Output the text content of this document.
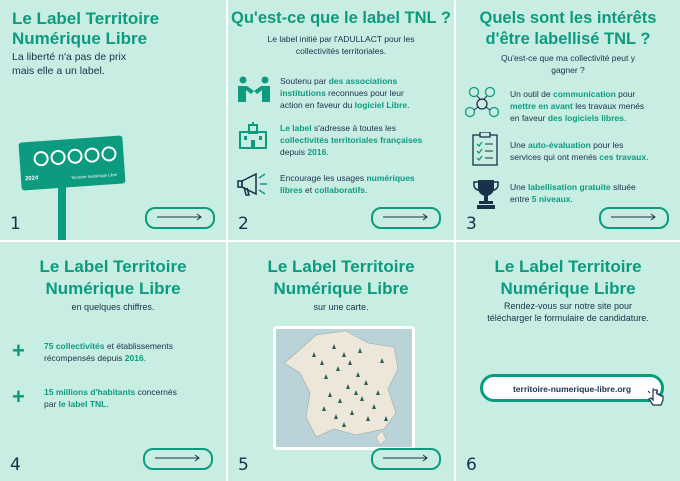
Le Label Territoire
Numérique Libre
La liberté n'a pas de prix
mais elle a un label.
2024	Territoire Numérique Libre
1
Qu'est-ce que le label TNL ?
Le label initié par l'ADULLACT pour les
collectivités territoriales.
Soutenu par des associations
institutions reconnues pour leur
action en faveur du logiciel Libre.
Le label s'adresse à toutes les
collectivités territoriales françaises
depuis 2016.
Encourage les usages numériques
libres et collaboratifs.
2
Quels sont les intérêts
d'être labellisé TNL ?
Qu'est-ce que ma collectivité peut y
gagner ?
Un outil de communication pour
mettre en avant les travaux menés
en faveur des logiciels libres.
Une auto-évaluation pour les
services qui ont menés ces travaux.
Une labellisation gratuite située
entre 5 niveaux.
3
Le Label Territoire
Numérique Libre
en quelques chiffres.
+ 75 collectivités et établissements
récompensés depuis 2016.
+ 15 millions d'habitants concernés
par le label TNL.
4
Le Label Territoire
Numérique Libre
sur une carte.
5
Le Label Territoire
Numérique Libre
Rendez-vous sur notre site pour
télécharger le formulaire de candidature.
territoire-numerique-libre.org
6
